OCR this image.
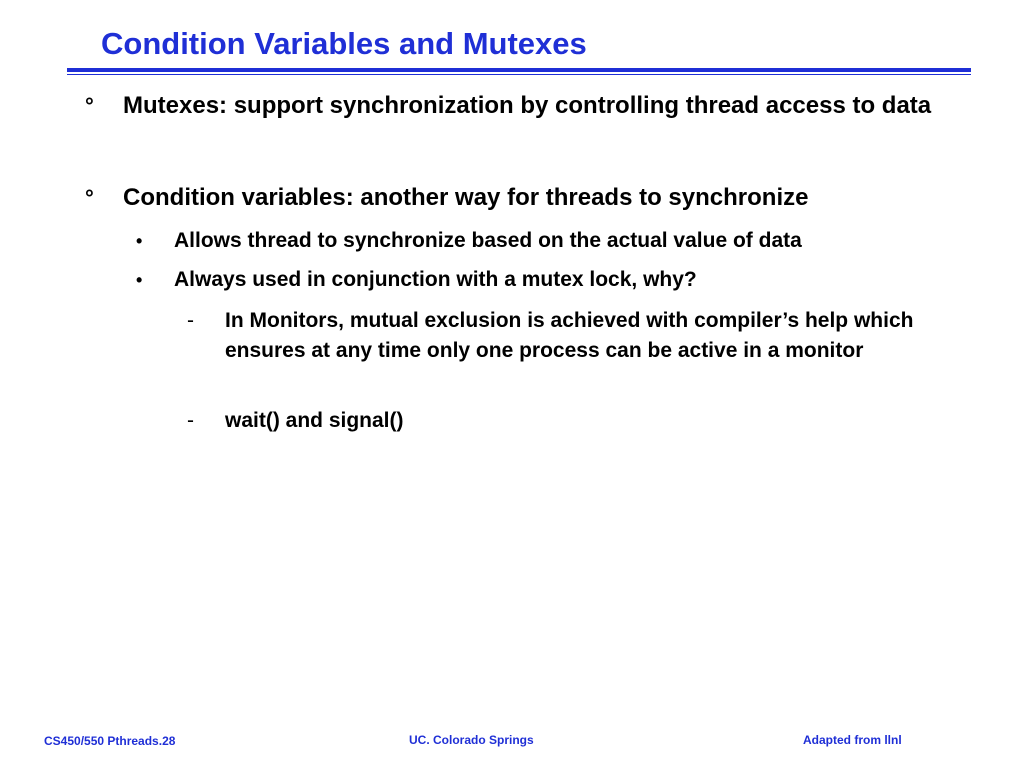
Condition Variables and Mutexes
° Mutexes: support synchronization by controlling thread access to data
° Condition variables: another way for threads to synchronize
• Allows thread to synchronize based on the actual value of data
• Always used in conjunction with a mutex lock, why?
- In Monitors, mutual exclusion is achieved with compiler’s help which ensures at any time only one process can be active in a monitor
- wait() and signal()
CS450/550 Pthreads.28	UC. Colorado Springs	Adapted from llnl
